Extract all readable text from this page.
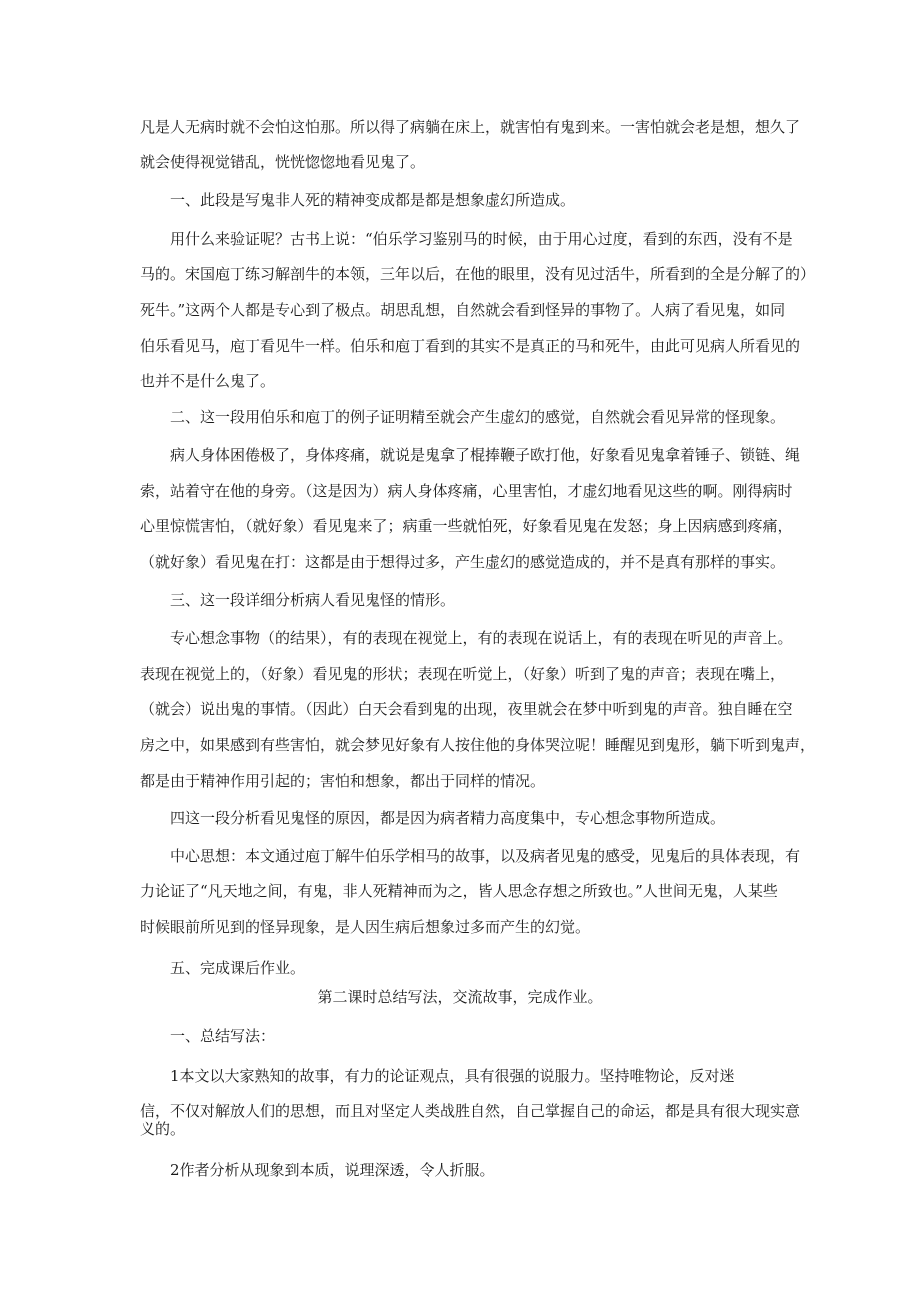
凡是人无病时就不会怕这怕那。所以得了病躺在床上，就害怕有鬼到来。一害怕就会老是想，想久了
就会使得视觉错乱，恍恍惚惚地看见鬼了。
一、此段是写鬼非人死的精神变成都是都是想象虚幻所造成。
用什么来验证呢？古书上说：“伯乐学习鉴别马的时候，由于用心过度，看到的东西，没有不是
马的。宋国庖丁练习解剖牛的本领，三年以后，在他的眼里，没有见过活牛，所看到的全是分解了的）
死牛。”这两个人都是专心到了极点。胡思乱想，自然就会看到怪异的事物了。人病了看见鬼，如同
伯乐看见马，庖丁看见牛一样。伯乐和庖丁看到的其实不是真正的马和死牛，由此可见病人所看见的
也并不是什么鬼了。
二、这一段用伯乐和庖丁的例子证明精至就会产生虚幻的感觉，自然就会看见异常的怪现象。
病人身体困倦极了，身体疼痛，就说是鬼拿了棍捧鞭子欧打他，好象看见鬼拿着锤子、锁链、绳
索，站着守在他的身旁。（这是因为）病人身体疼痛，心里害怕，才虚幻地看见这些的啊。刚得病时
心里惊慌害怕，（就好象）看见鬼来了；病重一些就怕死，好象看见鬼在发怒；身上因病感到疼痛，
（就好象）看见鬼在打：这都是由于想得过多，产生虚幻的感觉造成的，并不是真有那样的事实。
三、这一段详细分析病人看见鬼怪的情形。
专心想念事物（的结果），有的表现在视觉上，有的表现在说话上，有的表现在听见的声音上。
表现在视觉上的，（好象）看见鬼的形状；表现在听觉上，（好象）听到了鬼的声音；表现在嘴上，
（就会）说出鬼的事情。（因此）白天会看到鬼的出现，夜里就会在梦中听到鬼的声音。独自睡在空
房之中，如果感到有些害怕，就会梦见好象有人按住他的身体哭泣呢！睡醒见到鬼形，躺下听到鬼声，
都是由于精神作用引起的；害怕和想象，都出于同样的情况。
四这一段分析看见鬼怪的原因，都是因为病者精力高度集中，专心想念事物所造成。
中心思想：本文通过庖丁解牛伯乐学相马的故事，以及病者见鬼的感受，见鬼后的具体表现，有
力论证了“凡天地之间，有鬼，非人死精神而为之，皆人思念存想之所致也。”人世间无鬼，人某些
时候眼前所见到的怪异现象，是人因生病后想象过多而产生的幻觉。
五、完成课后作业。
第二课时总结写法，交流故事，完成作业。
一、总结写法：
1本文以大家熟知的故事，有力的论证观点，具有很强的说服力。坚持唯物论，反对迷
信，不仅对解放人们的思想，而且对坚定人类战胜自然，自己掌握自己的命运，都是具有很大现实意
义的。
2作者分析从现象到本质，说理深透，令人折服。
